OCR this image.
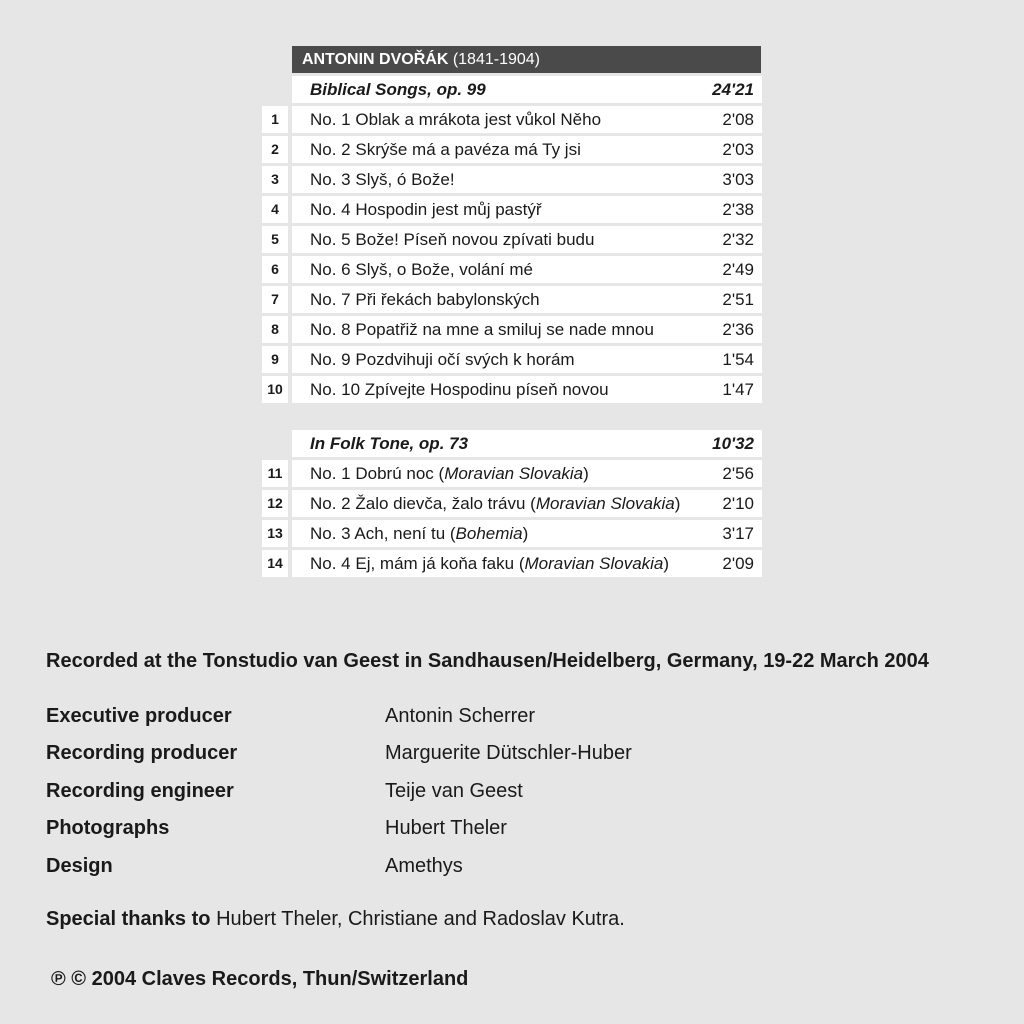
ANTONIN DVOŘÁK (1841-1904)
Biblical Songs, op. 99	24'21
1	No. 1 Oblak a mrákota jest vůkol Něho	2'08
2	No. 2 Skrýše má a pavéza má Ty jsi	2'03
3	No. 3 Slyš, ó Bože!	3'03
4	No. 4 Hospodin jest můj pastýř	2'38
5	No. 5 Bože! Píseň novou zpívati budu	2'32
6	No. 6 Slyš, o Bože, volání mé	2'49
7	No. 7 Při řekách babylonských	2'51
8	No. 8 Popatřiž na mne a smiluj se nade mnou	2'36
9	No. 9 Pozdvihuji očí svých k horám	1'54
10	No. 10 Zpívejte Hospodinu píseň novou	1'47
In Folk Tone, op. 73	10'32
11	No. 1 Dobrú noc (Moravian Slovakia)	2'56
12	No. 2 Žalo dievča, žalo trávu (Moravian Slovakia) 2'10
13	No. 3 Ach, není tu (Bohemia)	3'17
14	No. 4 Ej, mám já koňa faku (Moravian Slovakia)	2'09
Recorded at the Tonstudio van Geest in Sandhausen/Heidelberg, Germany, 19-22 March 2004
Executive producer	Antonin Scherrer
Recording producer	Marguerite Dütschler-Huber
Recording engineer	Teije van Geest
Photographs	Hubert Theler
Design	Amethys
Special thanks to Hubert Theler, Christiane and Radoslav Kutra.
℗ © 2004 Claves Records, Thun/Switzerland
